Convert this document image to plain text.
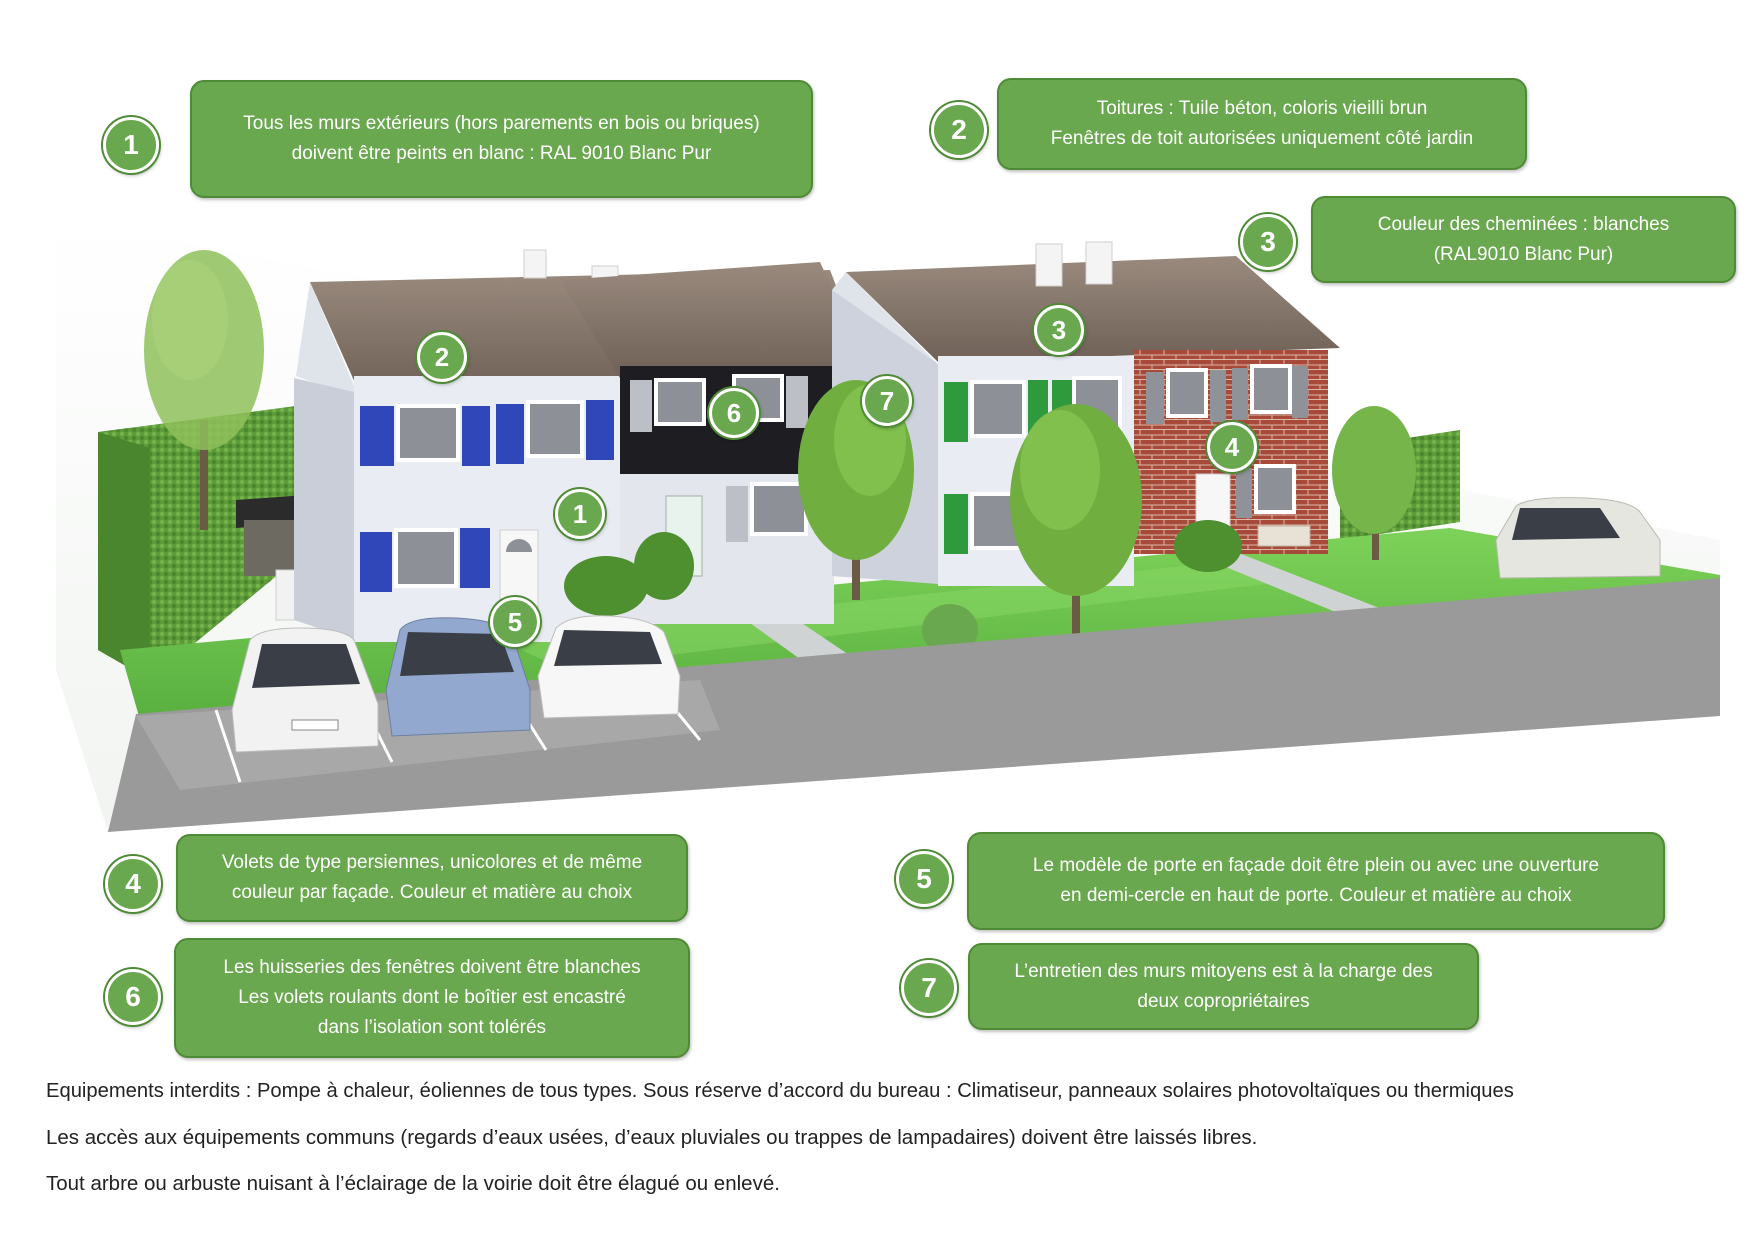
1
Tous les murs extérieurs (hors parements en bois ou briques)
doivent être peints en blanc : RAL 9010 Blanc Pur
2
Toitures : Tuile béton, coloris vieilli brun
Fenêtres de toit autorisées uniquement côté jardin
3
Couleur des cheminées : blanches
(RAL9010 Blanc Pur)
2
6	7
3
4
1
5
4
Volets de type persiennes, unicolores et de même
couleur par façade. Couleur et matière au choix	5	Le modèle de porte en façade doit être plein ou avec une ouverture
en demi-cercle en haut de porte. Couleur et matière au choix
6
Les huisseries des fenêtres doivent être blanches
Les volets roulants dont le boîtier est encastré
dans l’isolation sont tolérés
7
L’entretien des murs mitoyens est à la charge des
deux copropriétaires
Equipements interdits : Pompe à chaleur, éoliennes de tous types. Sous réserve d’accord du bureau : Climatiseur, panneaux solaires photovoltaïques ou thermiques
Les accès aux équipements communs (regards d’eaux usées, d’eaux pluviales ou trappes de lampadaires) doivent être laissés libres.
Tout arbre ou arbuste nuisant à l’éclairage de la voirie doit être élagué ou enlevé.
